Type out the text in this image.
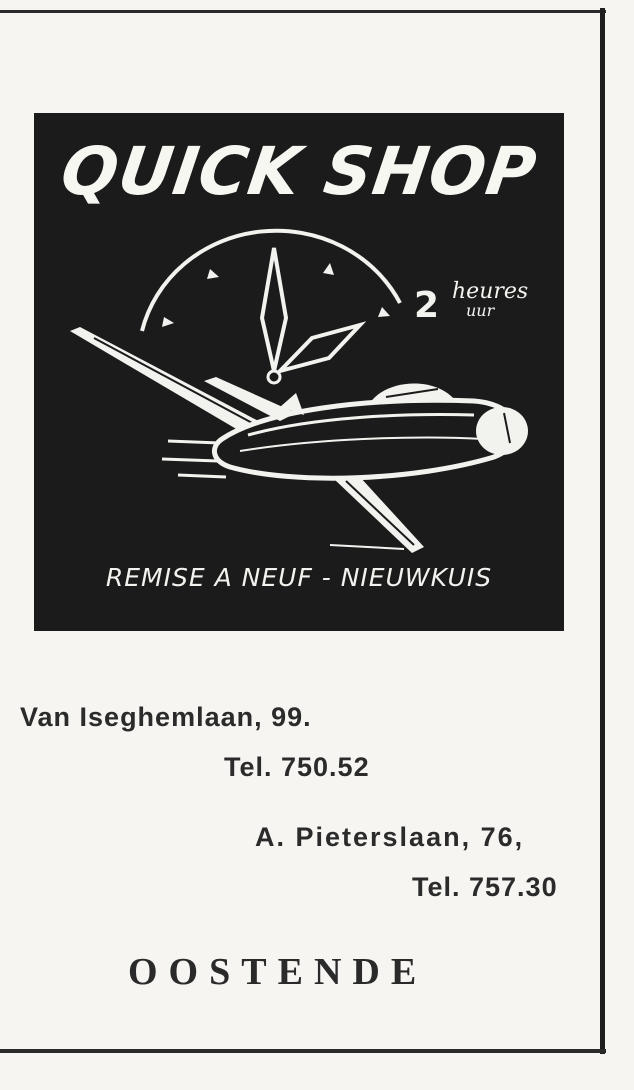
QUICK SHOP
2 heures
uur
REMISE A NEUF - NIEUWKUIS
Van Iseghemlaan, 99.
Tel. 750.52
A. Pieterslaan, 76,
Tel. 757.30
OOSTENDE
